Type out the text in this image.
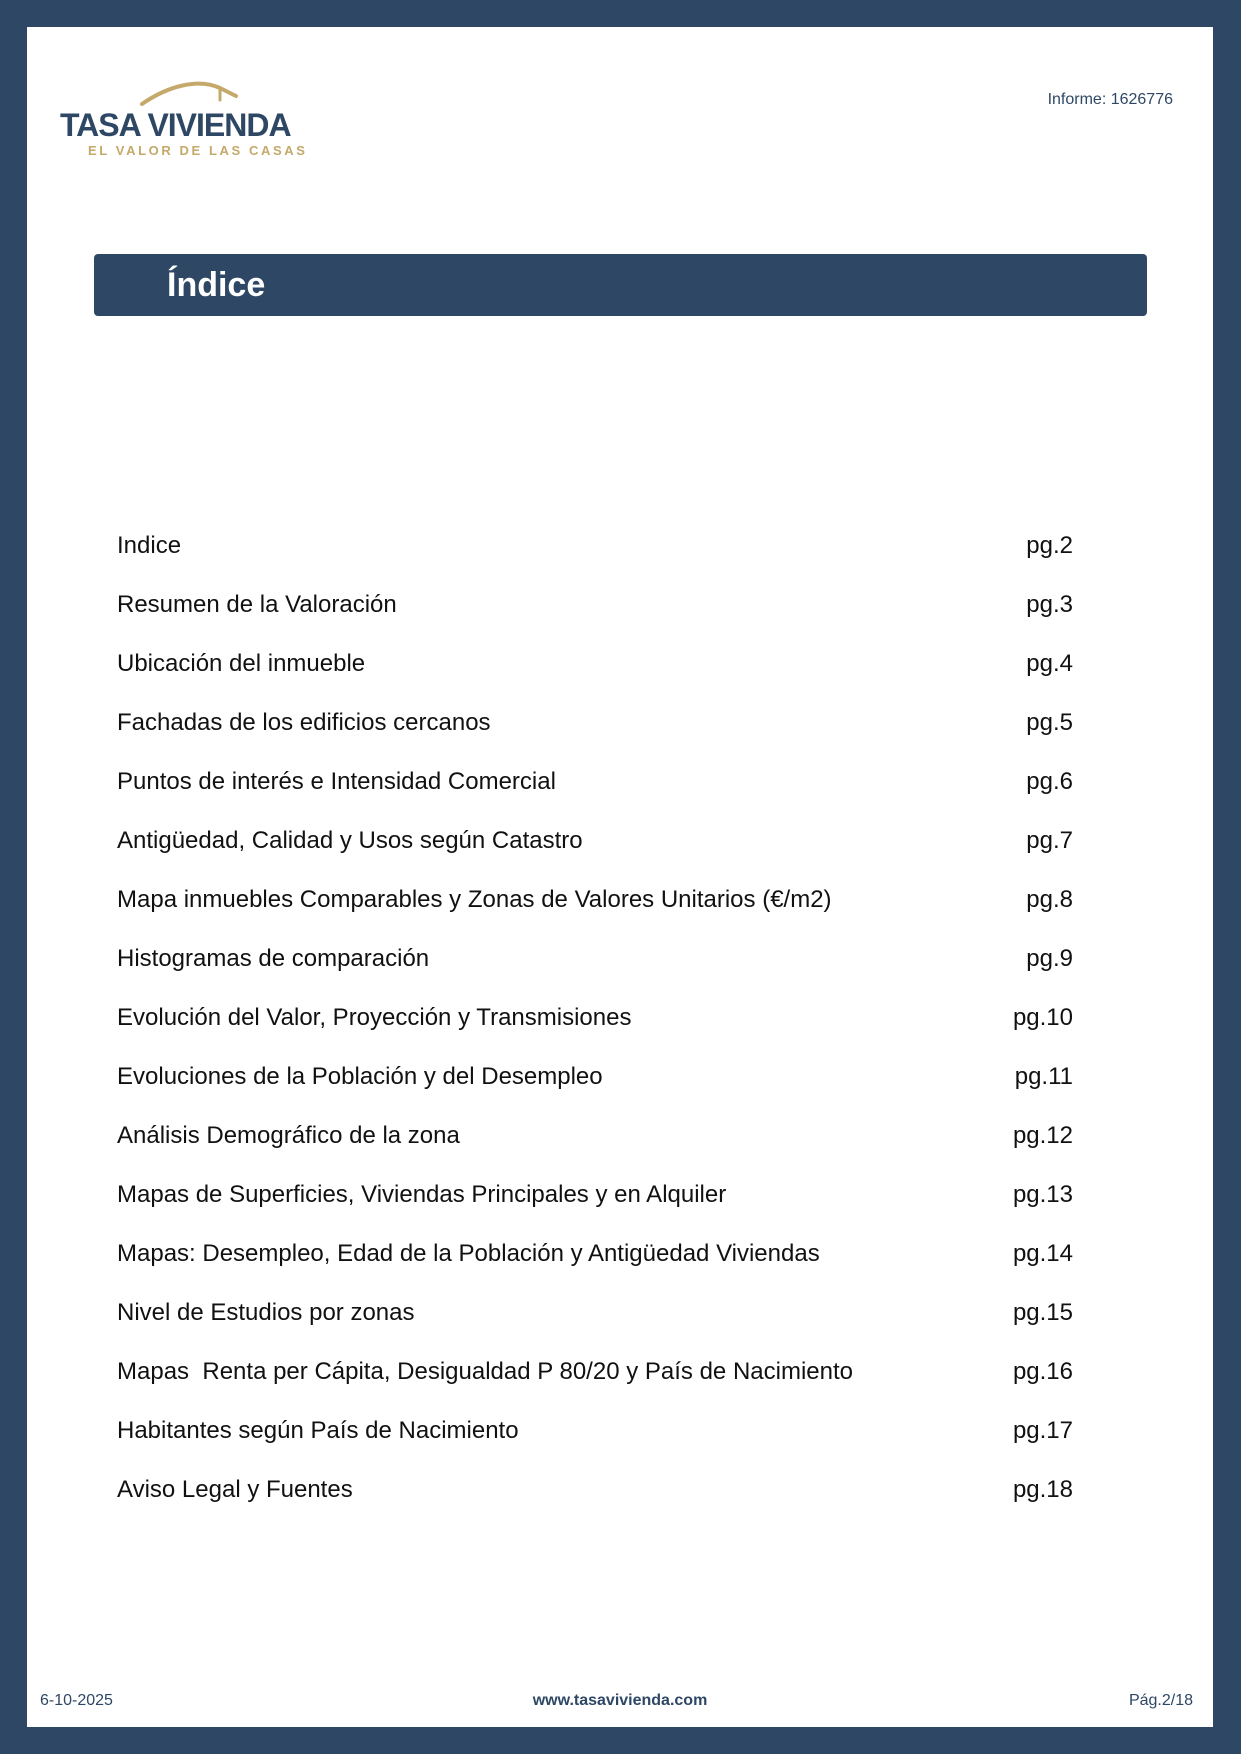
TASA VIVIENDA
EL VALOR DE LAS CASAS
Informe: 1626776
Índice
Indice	pg.2
Resumen de la Valoración	pg.3
Ubicación del inmueble	pg.4
Fachadas de los edificios cercanos	pg.5
Puntos de interés e Intensidad Comercial	pg.6
Antigüedad, Calidad y Usos según Catastro	pg.7
Mapa inmuebles Comparables y Zonas de Valores Unitarios (€/m2)	pg.8
Histogramas de comparación	pg.9
Evolución del Valor, Proyección y Transmisiones	pg.10
Evoluciones de la Población y del Desempleo	pg.11
Análisis Demográfico de la zona	pg.12
Mapas de Superficies, Viviendas Principales y en Alquiler	pg.13
Mapas: Desempleo, Edad de la Población y Antigüedad Viviendas	pg.14
Nivel de Estudios por zonas	pg.15
Mapas  Renta per Cápita, Desigualdad P 80/20 y País de Nacimiento	pg.16
Habitantes según País de Nacimiento	pg.17
Aviso Legal y Fuentes	pg.18
6-10-2025	www.tasavivienda.com	Pág.2/18
